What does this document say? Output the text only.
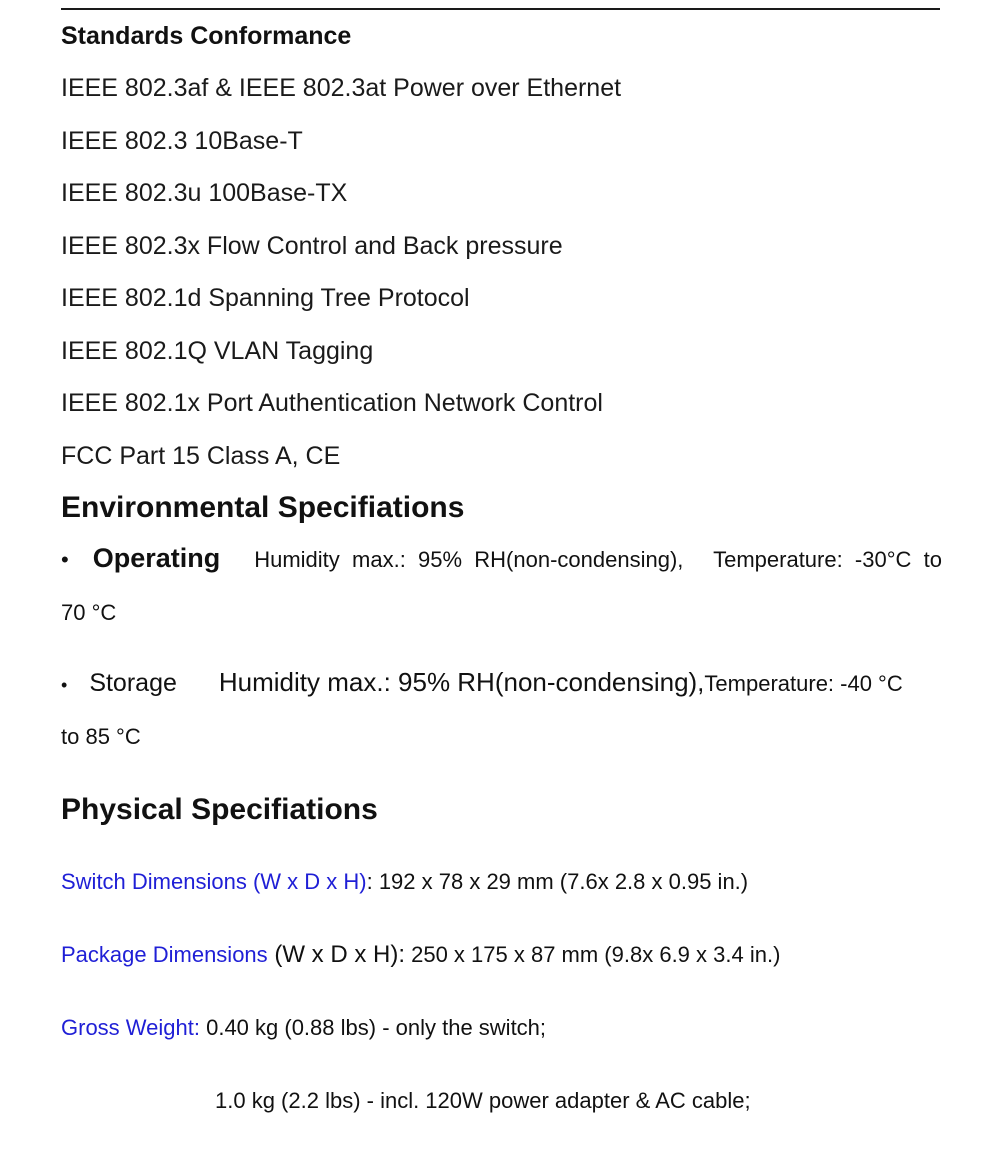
Standards Conformance
IEEE 802.3af & IEEE 802.3at Power over Ethernet
IEEE 802.3 10Base-T
IEEE 802.3u 100Base-TX
IEEE 802.3x Flow Control and Back pressure
IEEE 802.1d Spanning Tree Protocol
IEEE 802.1Q VLAN Tagging
IEEE 802.1x Port Authentication Network Control
FCC Part 15 Class A, CE
Environmental Specifiations
• Operating Humidity  max.:  95%  RH(non-condensing), Temperature:  -30°C  to
70 °C
• Storage Humidity max.: 95% RH(non-condensing), Temperature: -40 °C
to 85 °C
Physical Specifiations
Switch Dimensions (W x D x H): 192 x 78 x 29 mm (7.6x 2.8 x 0.95 in.)
Package Dimensions (W x D x H): 250 x 175 x 87 mm (9.8x 6.9 x 3.4 in.)
Gross Weight: 0.40 kg (0.88 lbs) - only the switch;
1.0 kg (2.2 lbs) - incl. 120W power adapter & AC cable;
